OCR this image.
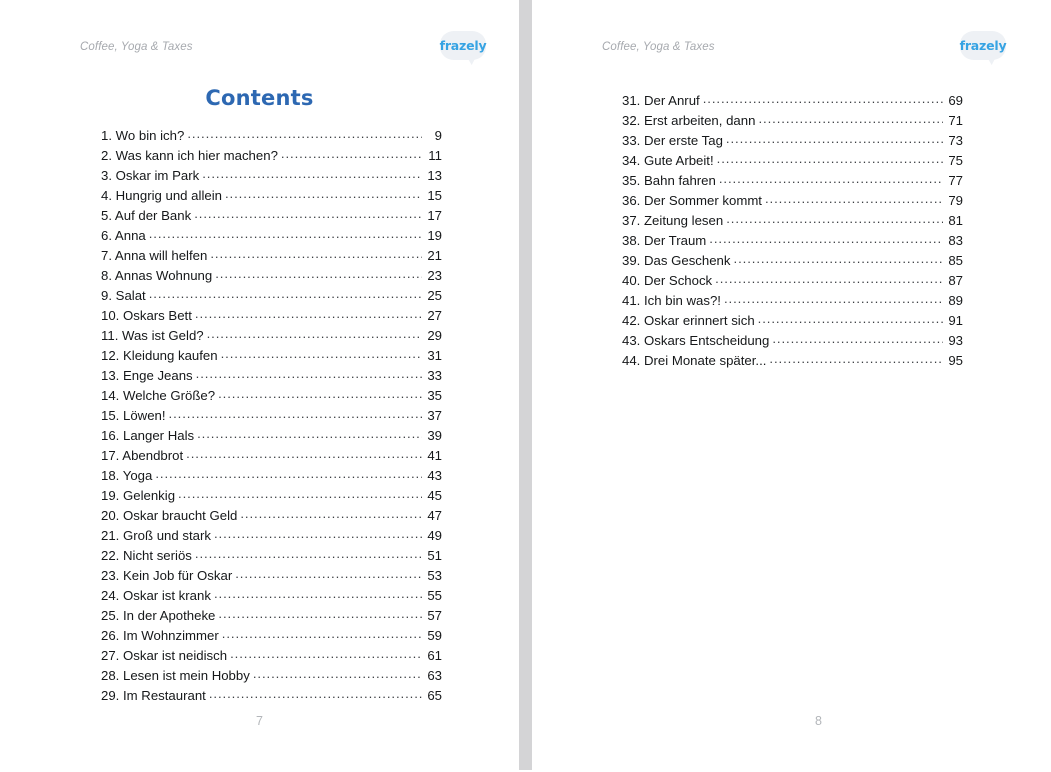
Coffee, Yoga & Taxes	frazely
Contents
1. Wo bin ich? .....	9
2. Was kann ich hier machen? .....	11
3. Oskar im Park .....	13
4. Hungrig und allein .....	15
5. Auf der Bank .....	17
6. Anna .....	19
7. Anna will helfen .....	21
8. Annas Wohnung .....	23
9. Salat .....	25
10. Oskars Bett .....	27
11. Was ist Geld? .....	29
12. Kleidung kaufen .....	31
13. Enge Jeans .....	33
14. Welche Größe? .....	35
15. Löwen! .....	37
16. Langer Hals .....	39
17. Abendbrot .....	41
18. Yoga .....	43
19. Gelenkig .....	45
20. Oskar braucht Geld .....	47
21. Groß und stark .....	49
22. Nicht seriös .....	51
23. Kein Job für Oskar .....	53
24. Oskar ist krank .....	55
25. In der Apotheke .....	57
26. Im Wohnzimmer .....	59
27. Oskar ist neidisch .....	61
28. Lesen ist mein Hobby .....	63
29. Im Restaurant .....	65
7
Coffee, Yoga & Taxes	frazely
31. Der Anruf .....	69
32. Erst arbeiten, dann .....	71
33. Der erste Tag .....	73
34. Gute Arbeit! .....	75
35. Bahn fahren .....	77
36. Der Sommer kommt .....	79
37. Zeitung lesen .....	81
38. Der Traum .....	83
39. Das Geschenk .....	85
40. Der Schock .....	87
41. Ich bin was?! .....	89
42. Oskar erinnert sich .....	91
43. Oskars Entscheidung .....	93
44. Drei Monate später... .....	95
8
